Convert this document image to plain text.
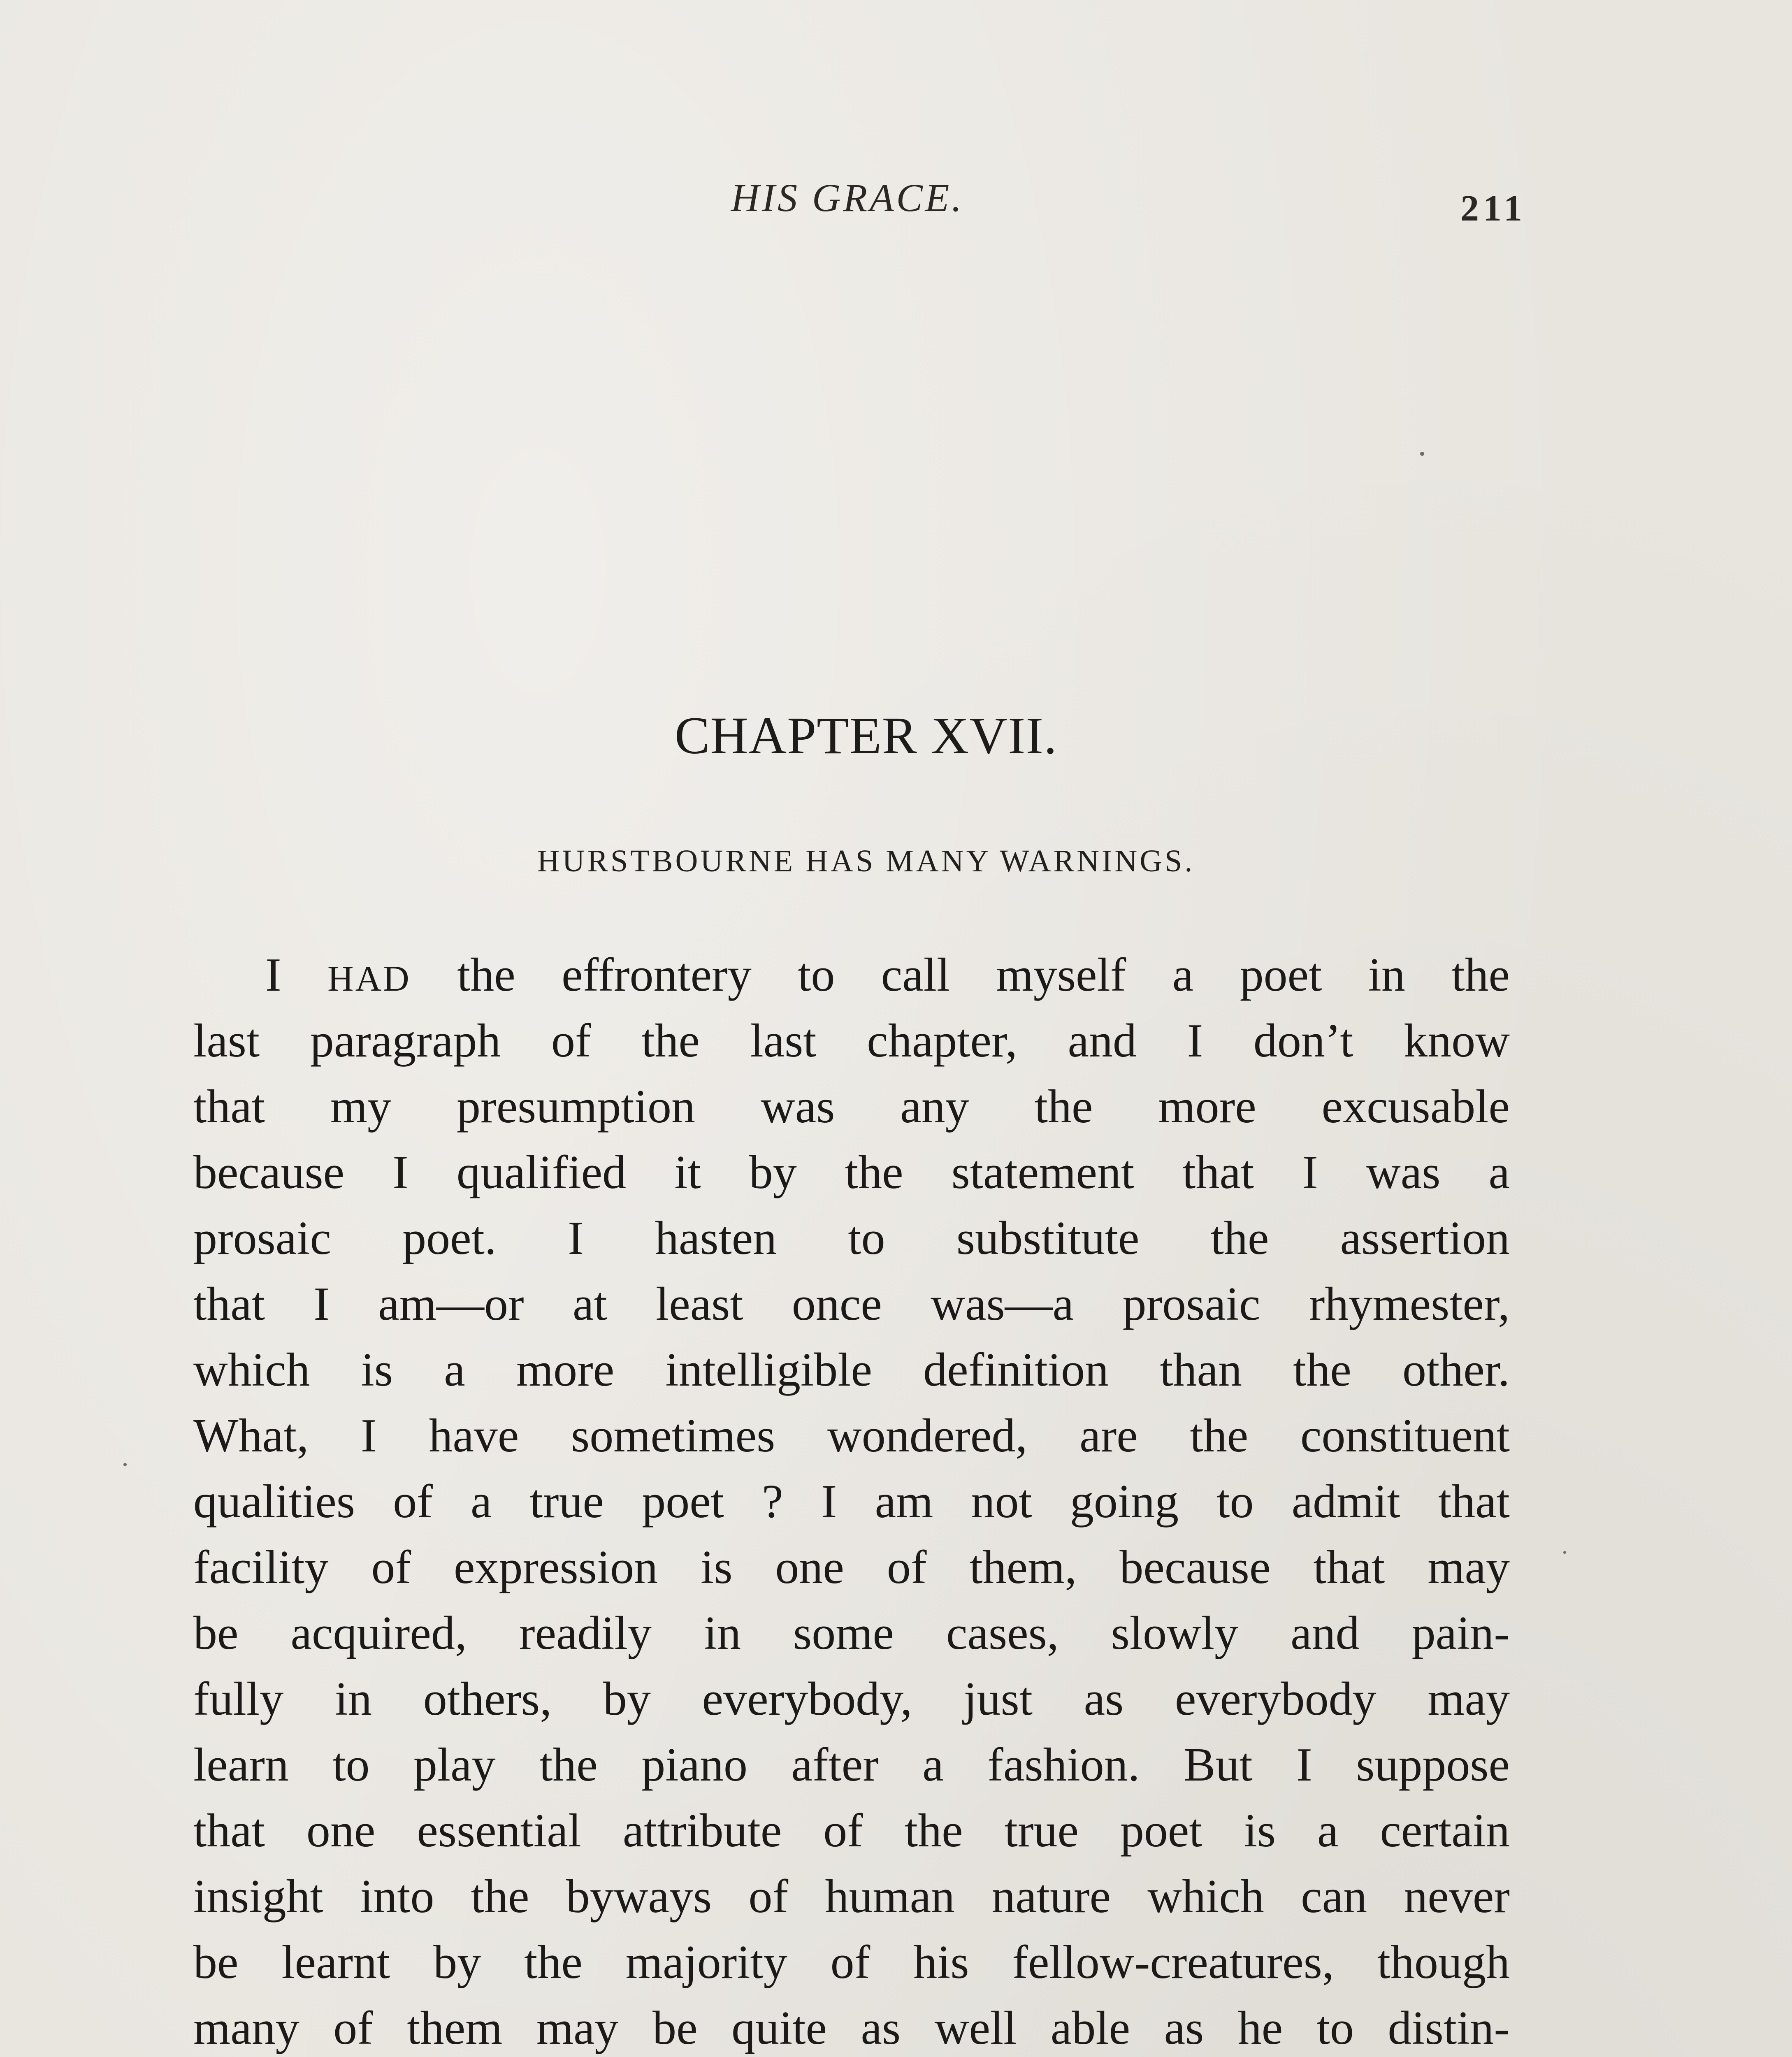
HIS GRACE.	211
CHAPTER XVII.
HURSTBOURNE HAS MANY WARNINGS.
I HAD the effrontery to call myself a poet in the
last paragraph of the last chapter, and I don’t know
that my presumption was any the more excusable
because I qualified it by the statement that I was a
prosaic poet. I hasten to substitute the assertion
that I am—or at least once was—a prosaic rhymester,
which is a more intelligible definition than the other.
What, I have sometimes wondered, are the constituent
qualities of a true poet ? I am not going to admit that
facility of expression is one of them, because that may
be acquired, readily in some cases, slowly and pain-
fully in others, by everybody, just as everybody may
learn to play the piano after a fashion. But I suppose
that one essential attribute of the true poet is a certain
insight into the byways of human nature which can never
be learnt by the majority of his fellow-creatures, though
many of them may be quite as well able as he to distin-
